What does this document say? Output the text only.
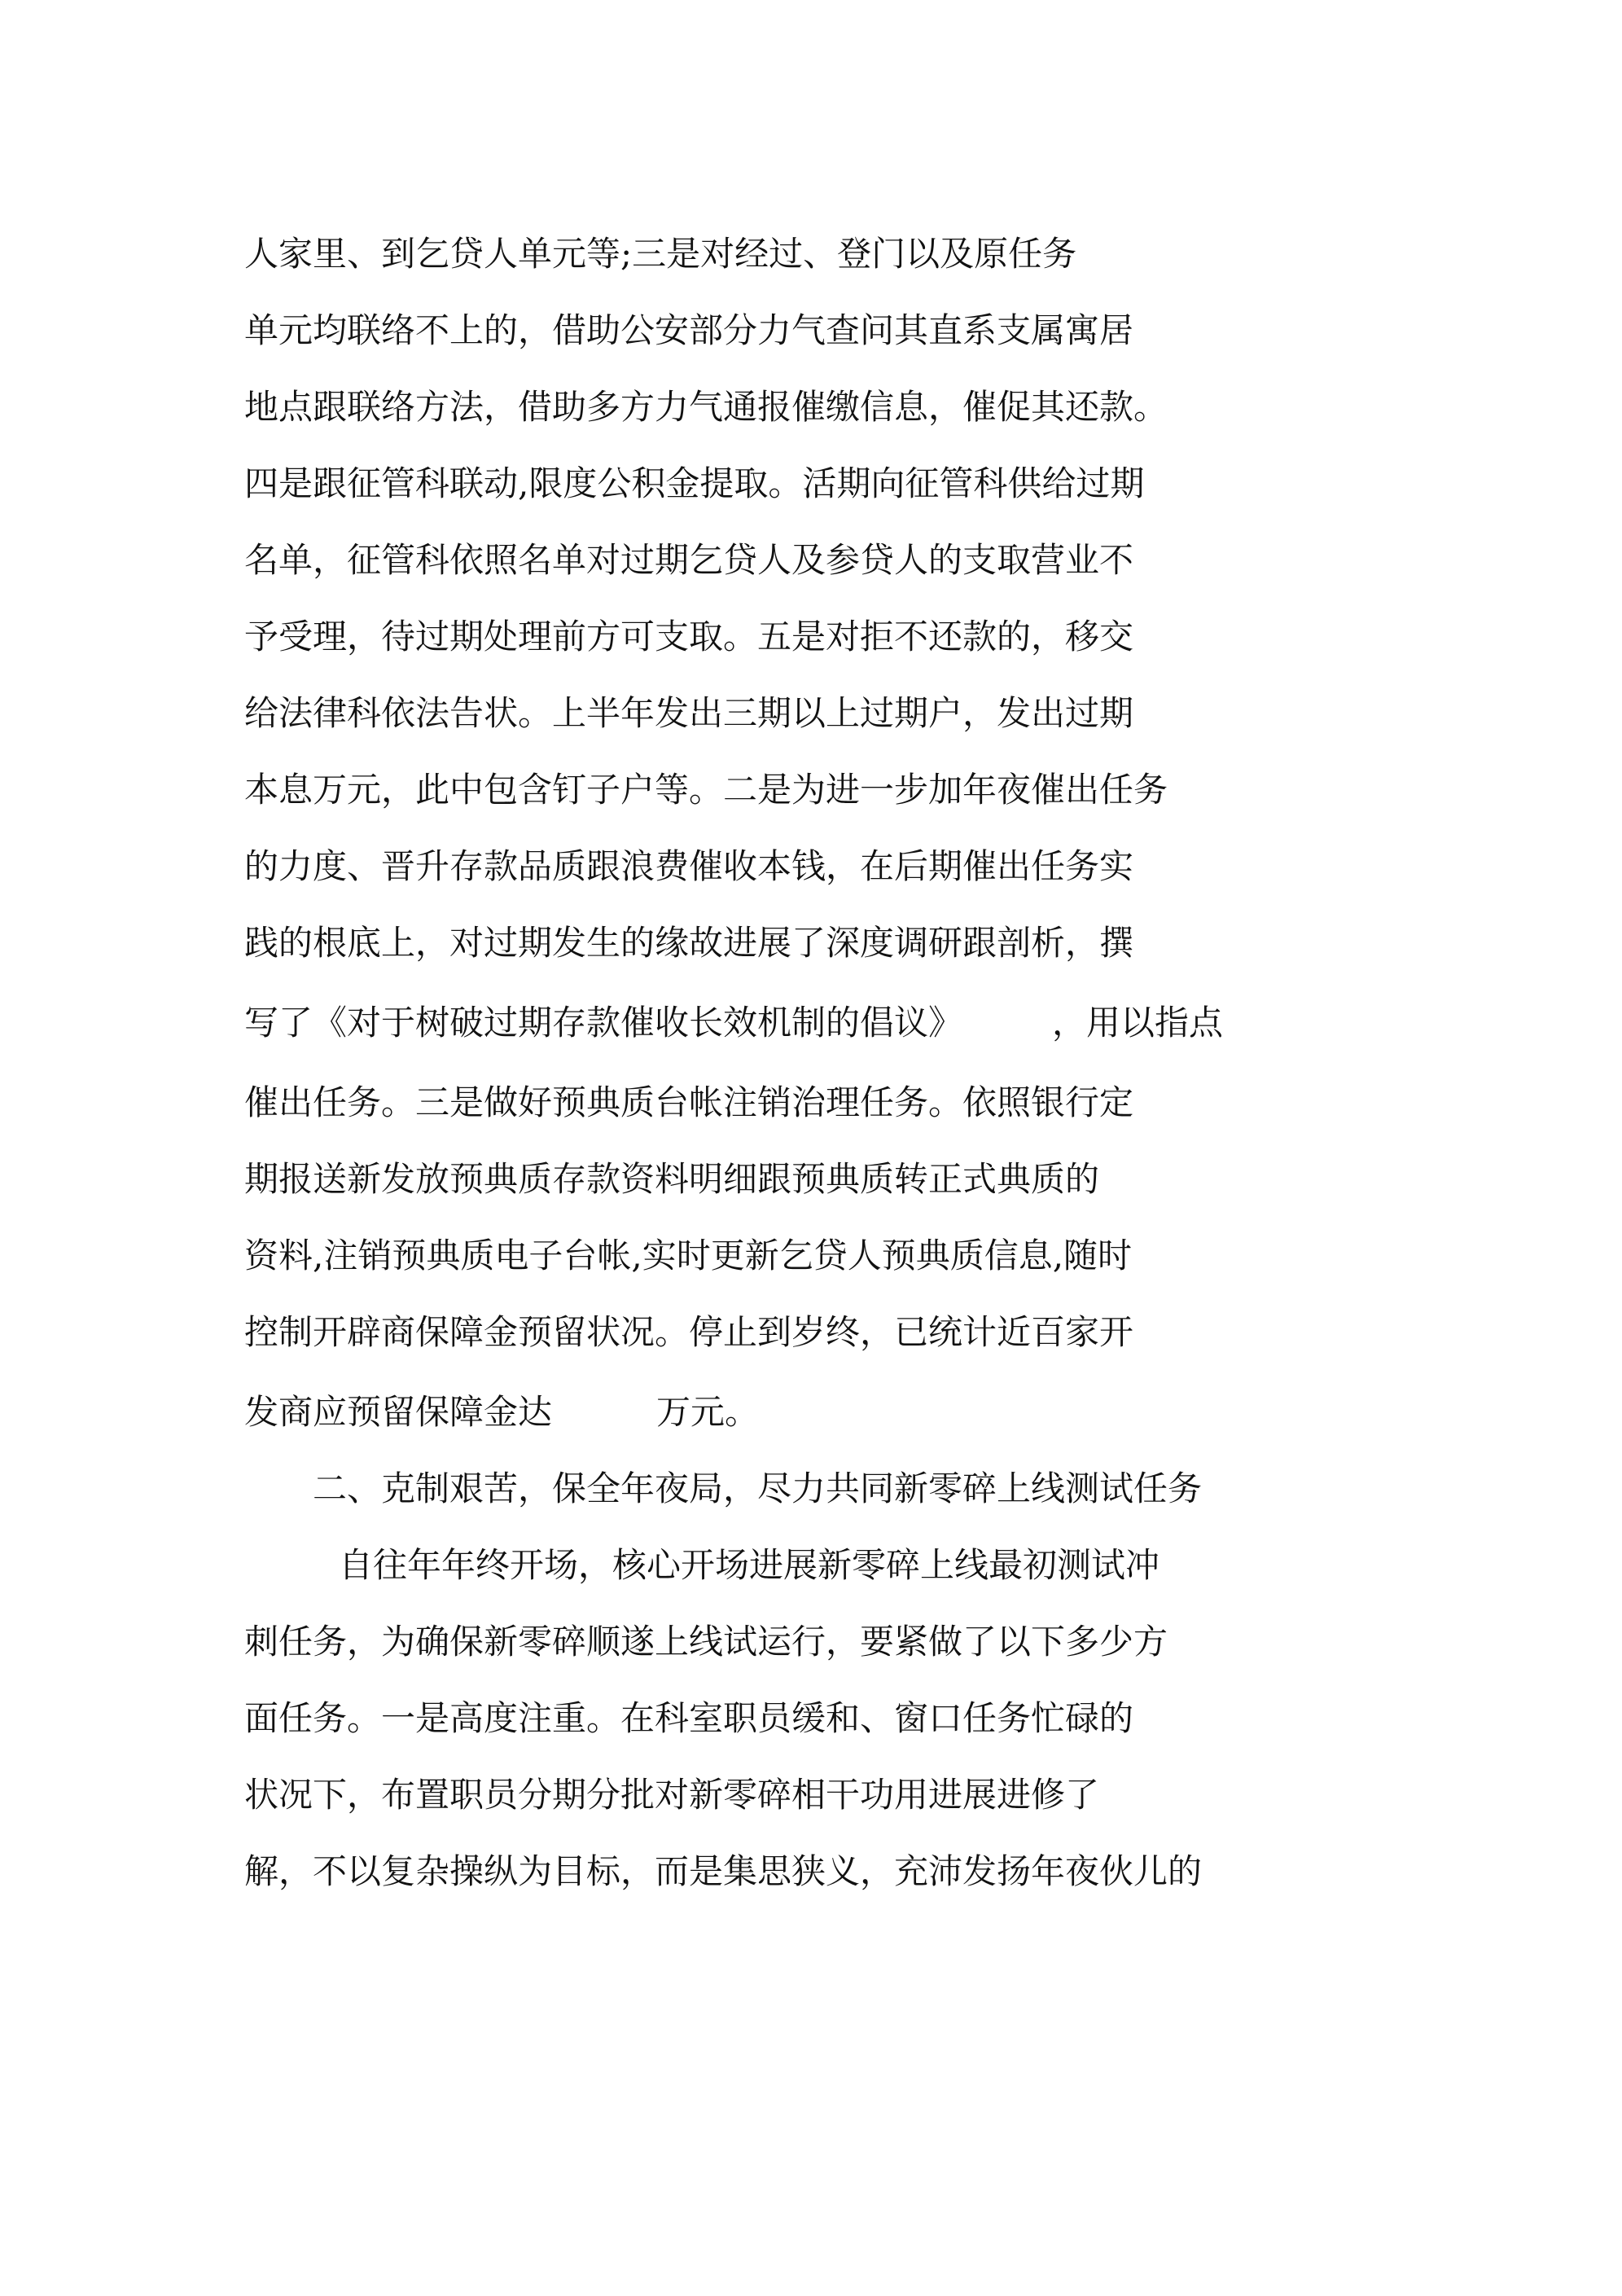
人家里、到乞贷人单元等;三是对经过、登门以及原任务
单元均联络不上的，借助公安部分力气查问其直系支属寓居
地点跟联络方法，借助多方力气通报催缴信息，催促其还款。
四是跟征管科联动,限度公积金提取。活期向征管科供给过期
名单，征管科依照名单对过期乞贷人及参贷人的支取营业不
予受理，待过期处理前方可支取。五是对拒不还款的，移交
给法律科依法告状。上半年发出三期以上过期户，发出过期
本息万元，此中包含钉子户等。二是为进一步加年夜催出任务
的力度、晋升存款品质跟浪费催收本钱，在后期催出任务实
践的根底上，对过期发生的缘故进展了深度调研跟剖析，撰
写了《对于树破过期存款催收长效机制的倡议》	，用以指点
催出任务。三是做好预典质台帐注销治理任务。依照银行定
期报送新发放预典质存款资料明细跟预典质转正式典质的
资料,注销预典质电子台帐,实时更新乞贷人预典质信息,随时
控制开辟商保障金预留状况。停止到岁终，已统计近百家开
发商应预留保障金达	万元。
二、克制艰苦，保全年夜局，尽力共同新零碎上线测试任务
自往年年终开场，核心开场进展新零碎上线最初测试冲
刺任务，为确保新零碎顺遂上线试运行，要紧做了以下多少方
面任务。一是高度注重。在科室职员缓和、窗口任务忙碌的
状况下，布置职员分期分批对新零碎相干功用进展进修了
解，不以复杂操纵为目标，而是集思狭义，充沛发扬年夜伙儿的
